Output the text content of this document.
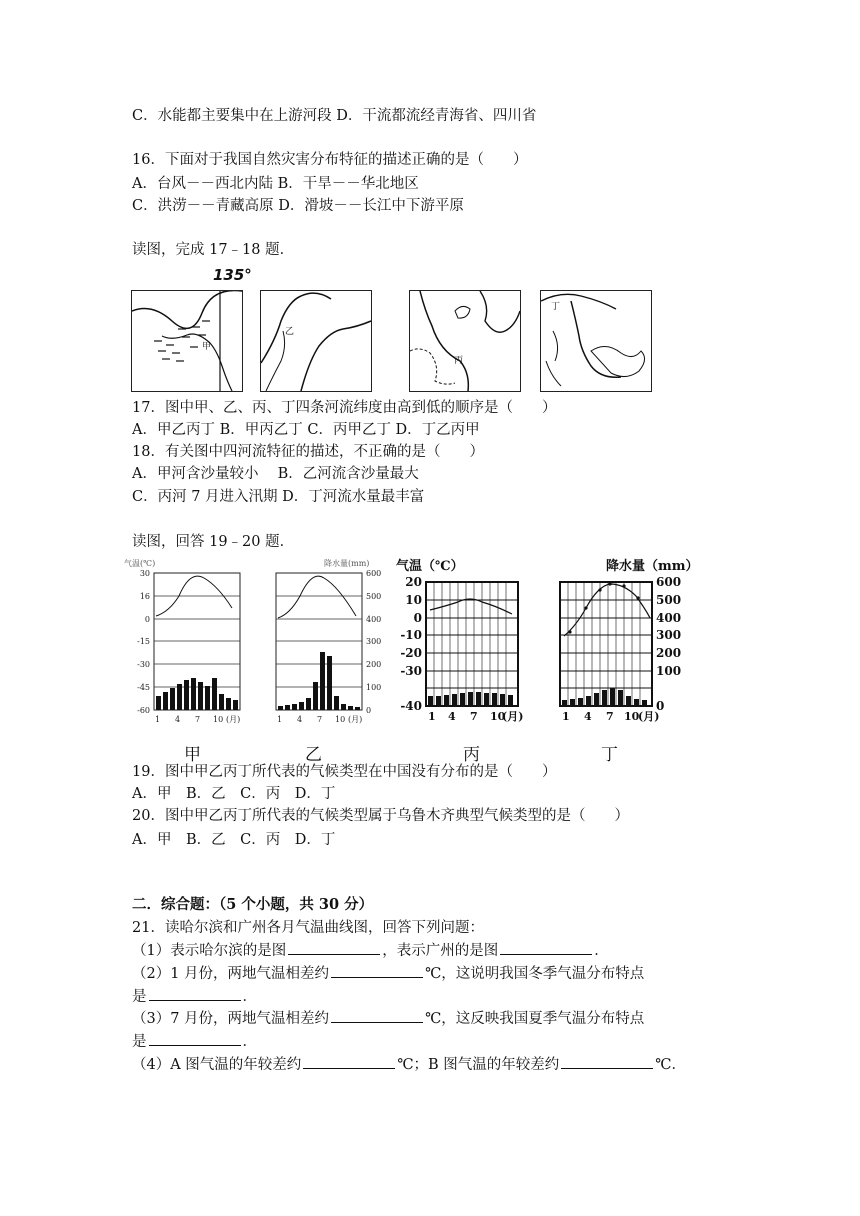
C．水能都主要集中在上游河段 D．干流都流经青海省、四川省
16．下面对于我国自然灾害分布特征的描述正确的是（　　）
A．台风－－西北内陆 B．干旱－－华北地区
C．洪涝－－青藏高原 D．滑坡－－长江中下游平原
读图，完成 17﹣18 题．
135°
甲
乙
丙
丁
17．图中甲、乙、丙、丁四条河流纬度由高到低的顺序是（　　）
A．甲乙丙丁 B．甲丙乙丁 C．丙甲乙丁 D．丁乙丙甲
18．有关图中四河流特征的描述，不正确的是（　　）
A．甲河含沙量较小　 B．乙河流含沙量最大
C．丙河 7 月进入汛期 D．丁河流水量最丰富
读图，回答 19﹣20 题．
气温(℃)
30
16
0
-15
-30
-45
-60
1 4 7 10 (月)
降水量(mm)
600
500
400
300
200
100
0
1 4 7 10 (月)
气温（℃）
20
10
0
-10
-20
-30
-40
1 4 7 10
(月)
降水量（mm）
600
500
400
300
200
100
0
1 4 7 10
(月)
甲	乙	丙	丁
19．图中甲乙丙丁所代表的气候类型在中国没有分布的是（　　）
A．甲　B．乙　C．丙　D．丁
20．图中甲乙丙丁所代表的气候类型属于乌鲁木齐典型气候类型的是（　　）
A．甲　B．乙　C．丙　D．丁
二．综合题：（5 个小题，共 30 分）
21．读哈尔滨和广州各月气温曲线图，回答下列问题：
（1）表示哈尔滨的是图	，表示广州的是图	．
（2）1 月份，两地气温相差约	℃，这说明我国冬季气温分布特点
是	．
（3）7 月份，两地气温相差约	℃，这反映我国夏季气温分布特点
是	．
（4）A 图气温的年较差约	℃；B 图气温的年较差约	℃．
